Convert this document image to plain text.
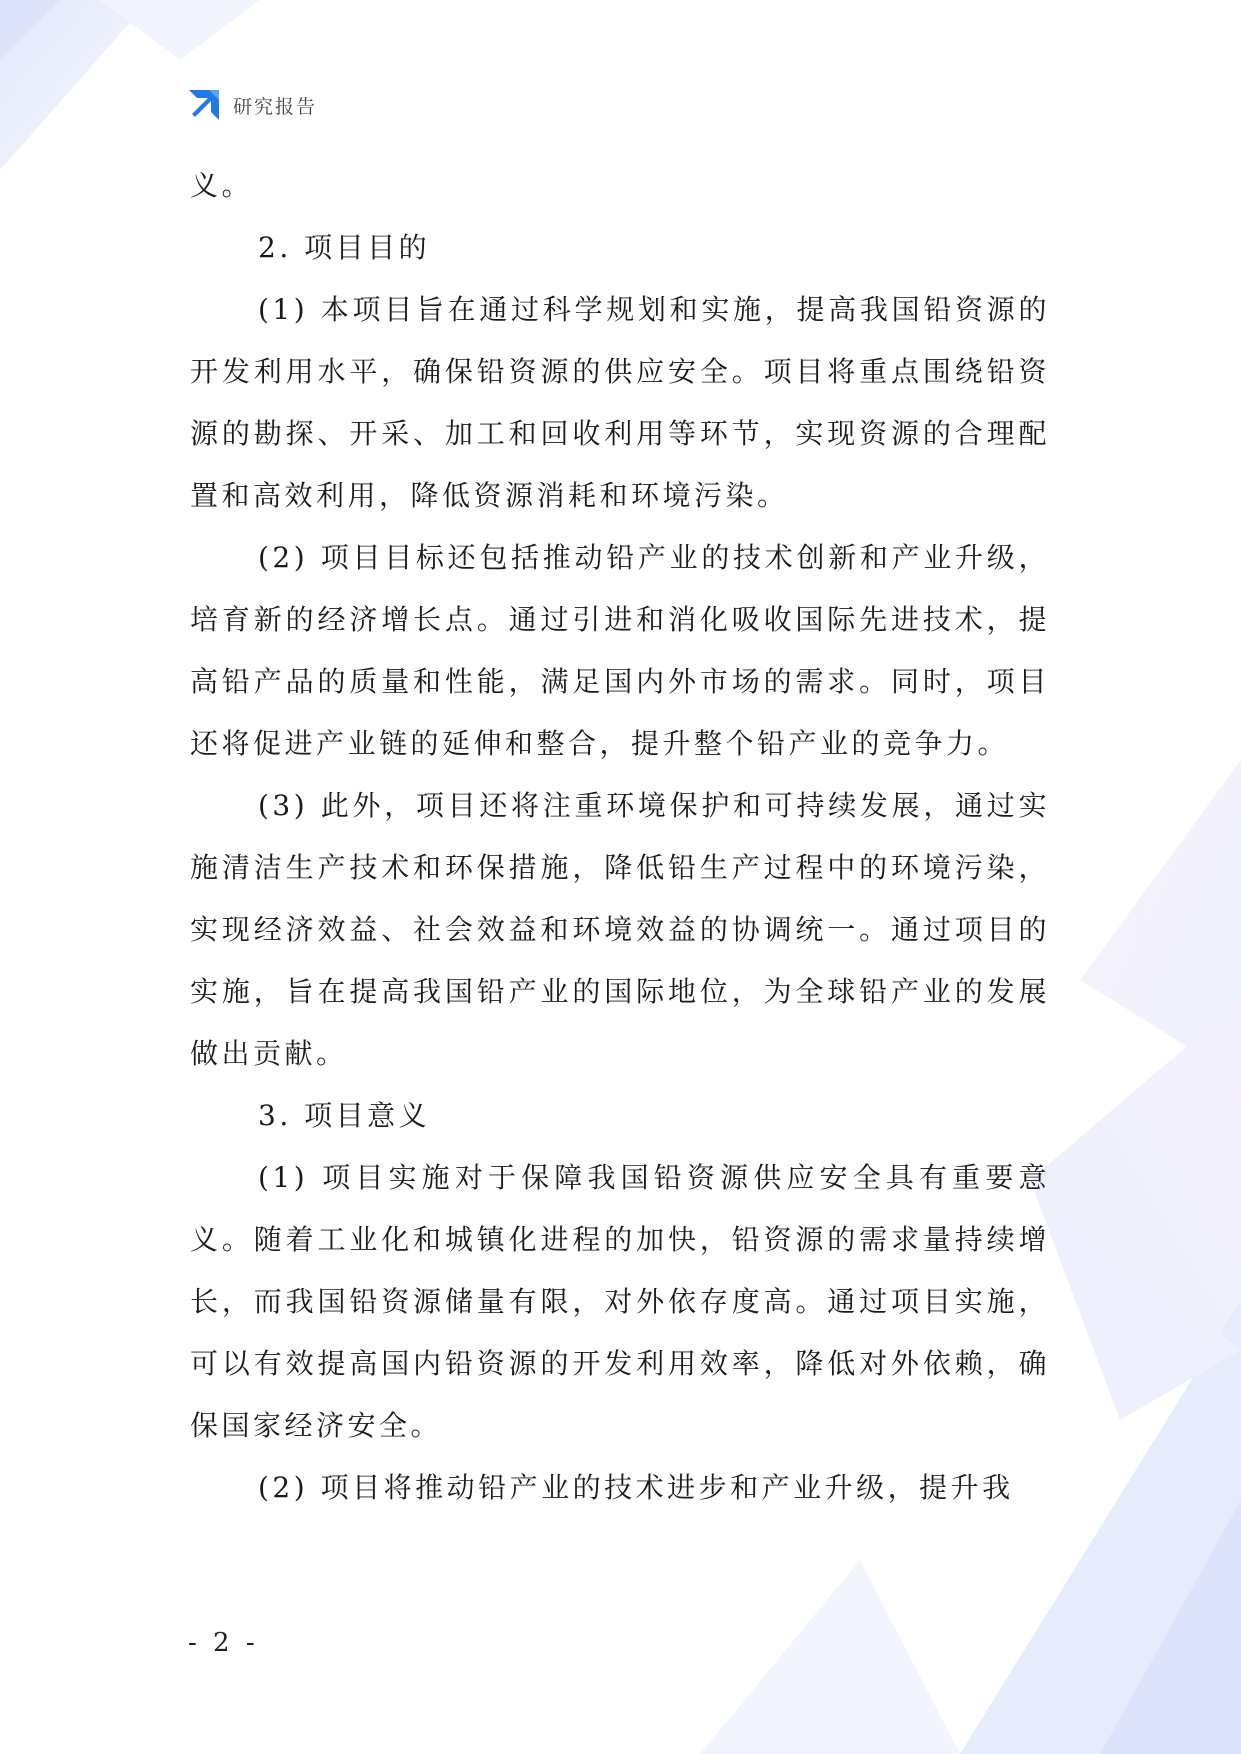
研究报告

义。

2. 项目目的

(1) 本项目旨在通过科学规划和实施，提高我国铅资源的开发利用水平，确保铅资源的供应安全。项目将重点围绕铅资源的勘探、开采、加工和回收利用等环节，实现资源的合理配置和高效利用，降低资源消耗和环境污染。

(2) 项目目标还包括推动铅产业的技术创新和产业升级，培育新的经济增长点。通过引进和消化吸收国际先进技术，提高铅产品的质量和性能，满足国内外市场的需求。同时，项目还将促进产业链的延伸和整合，提升整个铅产业的竞争力。

(3) 此外，项目还将注重环境保护和可持续发展，通过实施清洁生产技术和环保措施，降低铅生产过程中的环境污染，实现经济效益、社会效益和环境效益的协调统一。通过项目的实施，旨在提高我国铅产业的国际地位，为全球铅产业的发展做出贡献。

3. 项目意义

(1) 项目实施对于保障我国铅资源供应安全具有重要意义。随着工业化和城镇化进程的加快，铅资源的需求量持续增长，而我国铅资源储量有限，对外依存度高。通过项目实施，可以有效提高国内铅资源的开发利用效率，降低对外依赖，确保国家经济安全。

(2) 项目将推动铅产业的技术进步和产业升级，提升我

- 2 -
